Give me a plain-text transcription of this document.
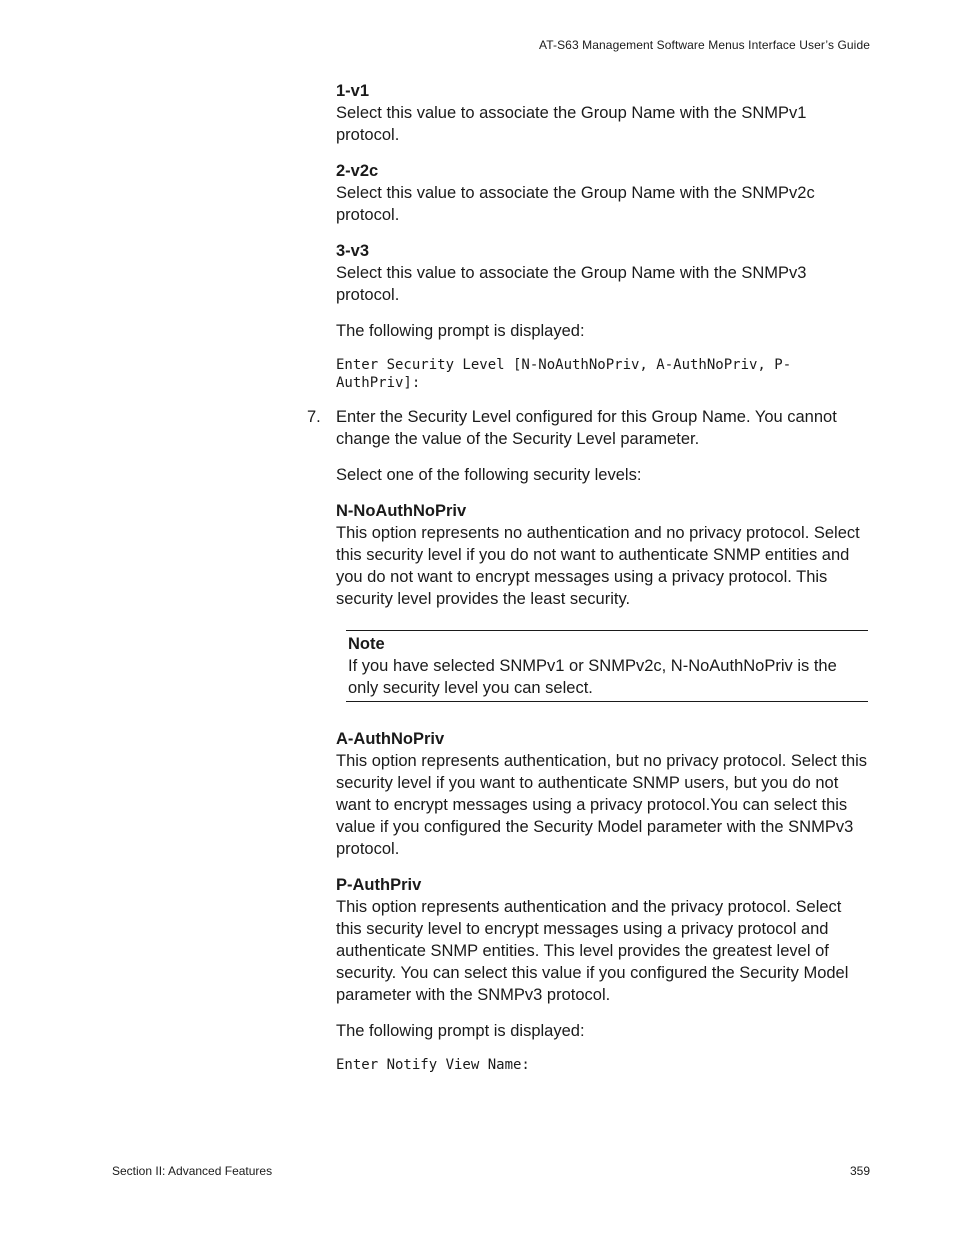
AT-S63 Management Software Menus Interface User’s Guide

1-v1

Select this value to associate the Group Name with the SNMPv1 protocol.

2-v2c

Select this value to associate the Group Name with the SNMPv2c protocol.

3-v3

Select this value to associate the Group Name with the SNMPv3 protocol.

The following prompt is displayed:

Enter Security Level [N-NoAuthNoPriv, A-AuthNoPriv, P-AuthPriv]:

7. Enter the Security Level configured for this Group Name. You cannot change the value of the Security Level parameter.

Select one of the following security levels:

N-NoAuthNoPriv

This option represents no authentication and no privacy protocol. Select this security level if you do not want to authenticate SNMP entities and you do not want to encrypt messages using a privacy protocol. This security level provides the least security.

Note

If you have selected SNMPv1 or SNMPv2c, N-NoAuthNoPriv is the only security level you can select.

A-AuthNoPriv

This option represents authentication, but no privacy protocol. Select this security level if you want to authenticate SNMP users, but you do not want to encrypt messages using a privacy protocol.You can select this value if you configured the Security Model parameter with the SNMPv3 protocol.

P-AuthPriv

This option represents authentication and the privacy protocol. Select this security level to encrypt messages using a privacy protocol and authenticate SNMP entities. This level provides the greatest level of security. You can select this value if you configured the Security Model parameter with the SNMPv3 protocol.

The following prompt is displayed:

Enter Notify View Name:

Section II: Advanced Features	359
